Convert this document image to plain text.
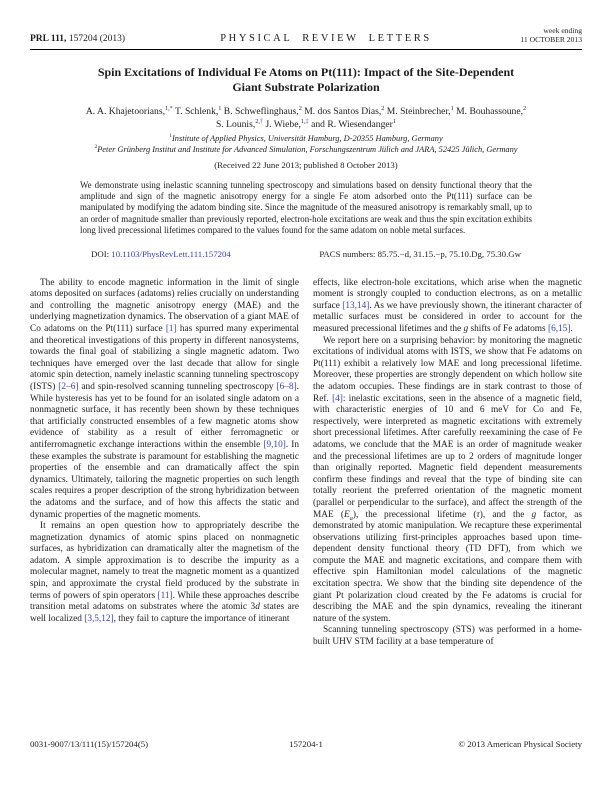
PRL 111, 157204 (2013)	PHYSICAL REVIEW LETTERS
week ending
11 OCTOBER 2013
Spin Excitations of Individual Fe Atoms on Pt(111): Impact of the Site-Dependent
Giant Substrate Polarization
A. A. Khajetoorians,$^{1,*}$ T. Schlenk,$^1$ B. Schweflinghaus,$^2$ M. dos Santos Dias,$^2$ M. Steinbrecher,$^1$ M. Bouhassoune,$^2$
S. Lounis,$^{2,\dagger}$ J. Wiebe,$^{1,\ddagger}$ and R. Wiesendanger$^1$
$^1$Institute of Applied Physics, Universität Hamburg, D-20355 Hamburg, Germany
$^2$Peter Grünberg Institut and Institute for Advanced Simulation, Forschungszentrum Jülich and JARA, 52425 Jülich, Germany
(Received 22 June 2013; published 8 October 2013)
We demonstrate using inelastic scanning tunneling spectroscopy and simulations based on density functional theory that the amplitude and sign of the magnetic anisotropy energy for a single Fe atom adsorbed onto the Pt(111) surface can be manipulated by modifying the adatom binding site. Since the magnitude of the measured anisotropy is remarkably small, up to an order of magnitude smaller than previously reported, electron-hole excitations are weak and thus the spin excitation exhibits long lived precessional lifetimes compared to the values found for the same adatom on noble metal surfaces.
DOI: 10.1103/PhysRevLett.111.157204	PACS numbers: 85.75.−d, 31.15.−p, 75.10.Dg, 75.30.Gw
The ability to encode magnetic information in the limit of single atoms deposited on surfaces (adatoms) relies crucially on understanding and controlling the magnetic anisotropy energy (MAE) and the underlying magnetization dynamics. The observation of a giant MAE of Co adatoms on the Pt(111) surface [1] has spurred many experimental and theoretical investigations of this property in different nanosystems, towards the final goal of stabilizing a single magnetic adatom. Two techniques have emerged over the last decade that allow for single atomic spin detection, namely inelastic scanning tunneling spectroscopy (ISTS) [2–6] and spin-resolved scanning tunneling spectroscopy [6–8]. While hysteresis has yet to be found for an isolated single adatom on a nonmagnetic surface, it has recently been shown by these techniques that artificially constructed ensembles of a few magnetic atoms show evidence of stability as a result of either ferromagnetic or antiferromagnetic exchange interactions within the ensemble [9,10]. In these examples the substrate is paramount for establishing the magnetic properties of the ensemble and can dramatically affect the spin dynamics. Ultimately, tailoring the magnetic properties on such length scales requires a proper description of the strong hybridization between the adatoms and the surface, and of how this affects the static and dynamic properties of the magnetic moments.
It remains an open question how to appropriately describe the magnetization dynamics of atomic spins placed on nonmagnetic surfaces, as hybridization can dramatically alter the magnetism of the adatom. A simple approximation is to describe the impurity as a molecular magnet, namely to treat the magnetic moment as a quantized spin, and approximate the crystal field produced by the substrate in terms of powers of spin operators [11]. While these approaches describe transition metal adatoms on substrates where the atomic 3d states are well localized [3,5,12], they fail to capture the importance of itinerant
effects, like electron-hole excitations, which arise when the magnetic moment is strongly coupled to conduction electrons, as on a metallic surface [13,14]. As we have previously shown, the itinerant character of metallic surfaces must be considered in order to account for the measured precessional lifetimes and the g shifts of Fe adatoms [6,15].
We report here on a surprising behavior: by monitoring the magnetic excitations of individual atoms with ISTS, we show that Fe adatoms on Pt(111) exhibit a relatively low MAE and long precessional lifetime. Moreover, these properties are strongly dependent on which hollow site the adatom occupies. These findings are in stark contrast to those of Ref. [4]: inelastic excitations, seen in the absence of a magnetic field, with characteristic energies of 10 and 6 meV for Co and Fe, respectively, were interpreted as magnetic excitations with extremely short precessional lifetimes. After carefully reexamining the case of Fe adatoms, we conclude that the MAE is an order of magnitude weaker and the precessional lifetimes are up to 2 orders of magnitude longer than originally reported. Magnetic field dependent measurements confirm these findings and reveal that the type of binding site can totally reorient the preferred orientation of the magnetic moment (parallel or perpendicular to the surface), and affect the strength of the MAE $(E_a)$, the precessional lifetime (τ), and the g factor, as demonstrated by atomic manipulation. We recapture these experimental observations utilizing first-principles approaches based upon time-dependent density functional theory (TD DFT), from which we compute the MAE and magnetic excitations, and compare them with effective spin Hamiltonian model calculations of the magnetic excitation spectra. We show that the binding site dependence of the giant Pt polarization cloud created by the Fe adatoms is crucial for describing the MAE and the spin dynamics, revealing the itinerant nature of the system.
Scanning tunneling spectroscopy (STS) was performed in a home-built UHV STM facility at a base temperature of
0031-9007/13/111(15)/157204(5)	157204-1	© 2013 American Physical Society
